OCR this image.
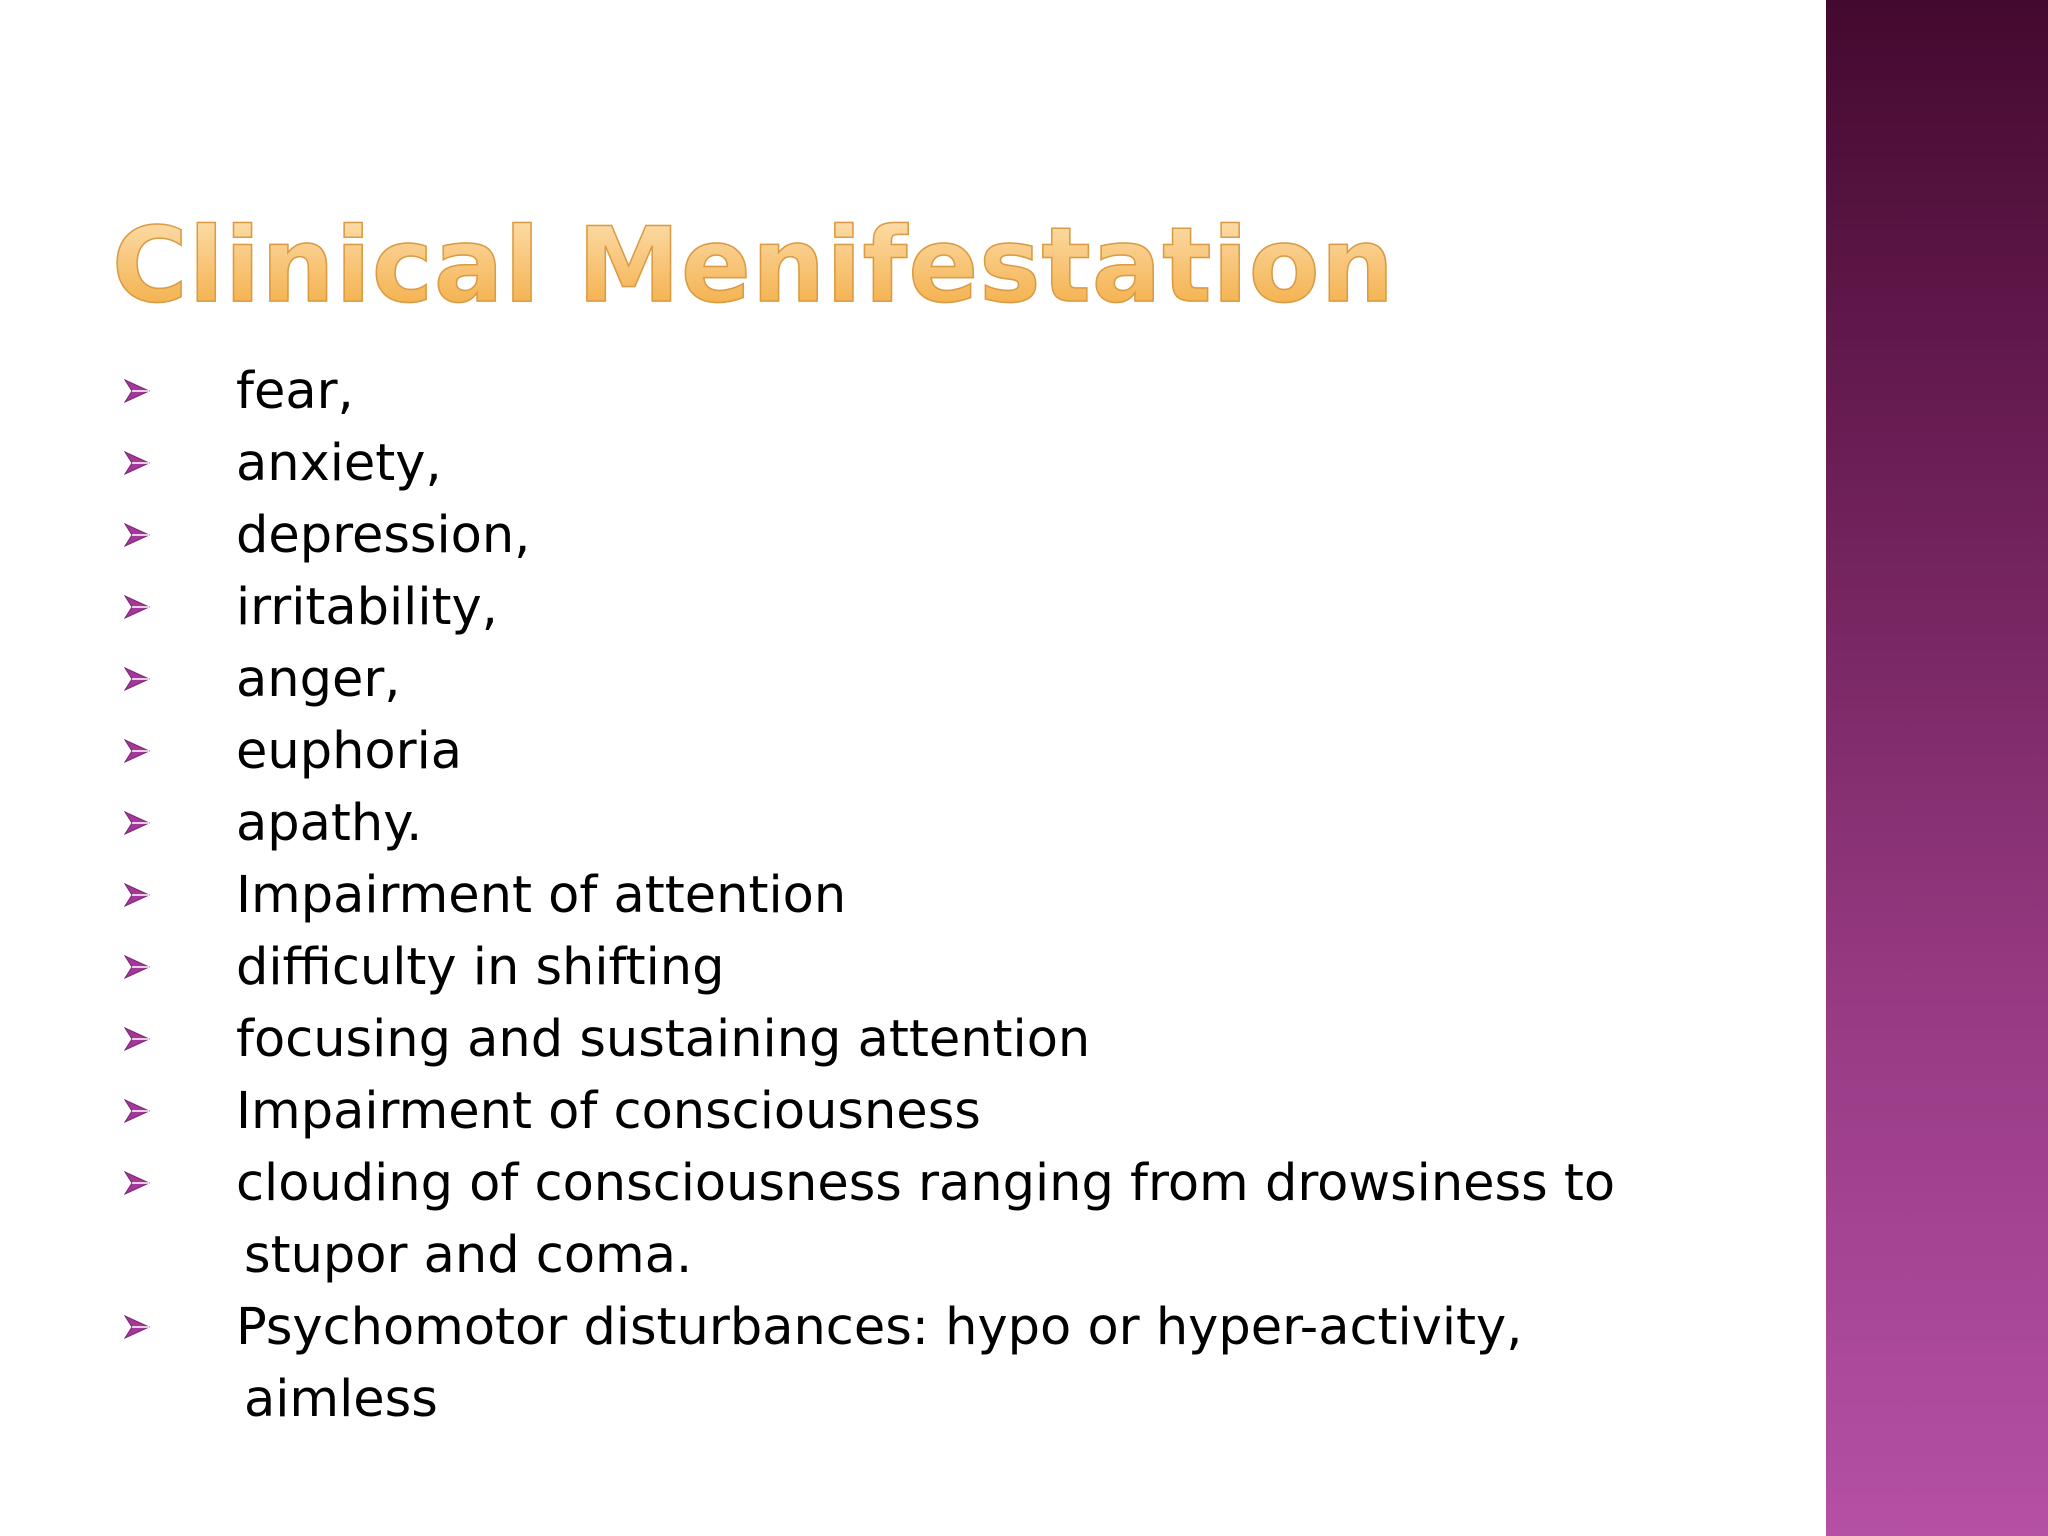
Clinical Menifestation
fear,
anxiety,
depression,
irritability,
anger,
euphoria
apathy.
Impairment of attention
difficulty in shifting
focusing and sustaining attention
Impairment of consciousness
clouding of consciousness ranging from drowsiness to
stupor and coma.
Psychomotor disturbances: hypo or hyper-activity,
aimless
